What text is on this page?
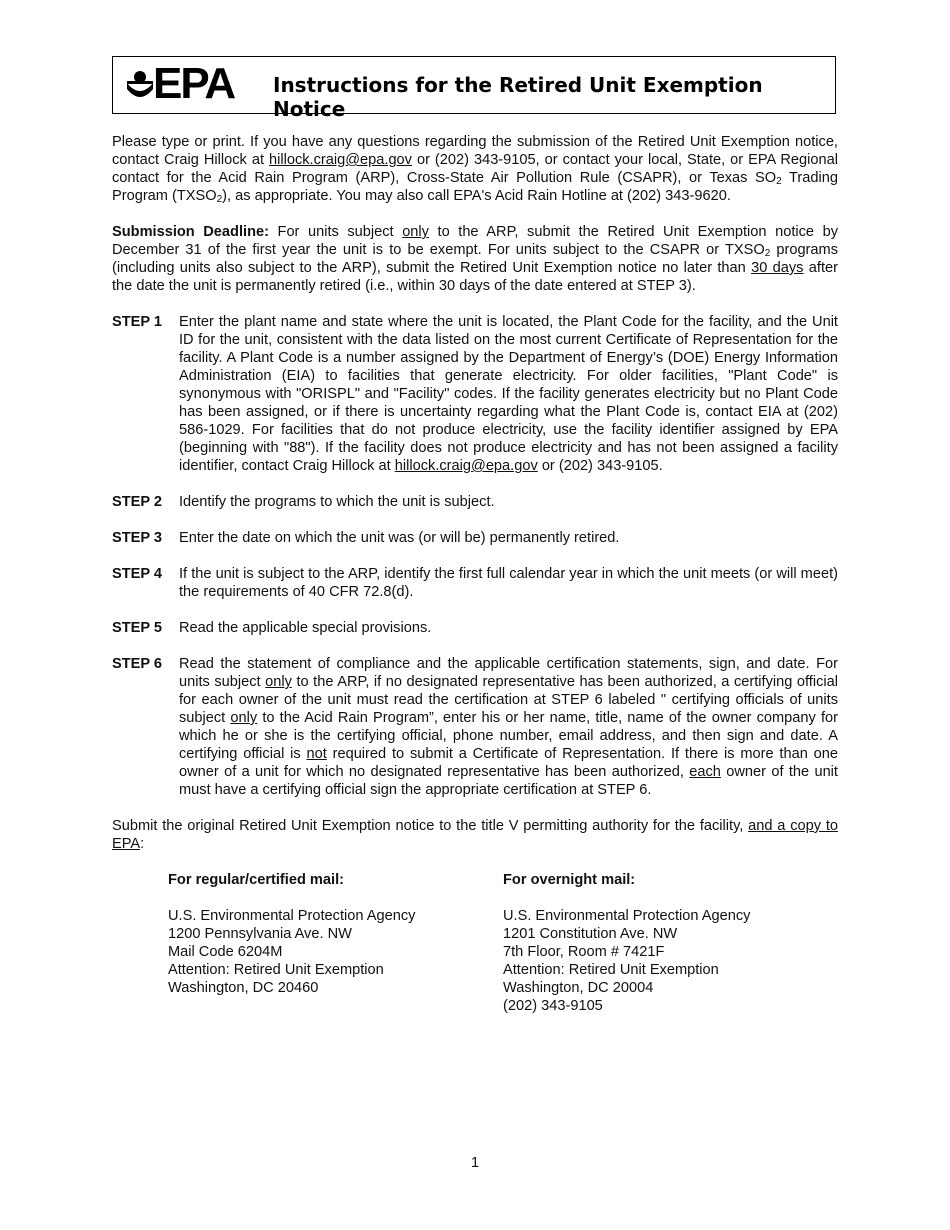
EPA Instructions for the Retired Unit Exemption Notice

Please type or print. If you have any questions regarding the submission of the Retired Unit Exemption notice, contact Craig Hillock at hillock.craig@epa.gov or (202) 343-9105, or contact your local, State, or EPA Regional contact for the Acid Rain Program (ARP), Cross-State Air Pollution Rule (CSAPR), or Texas $SO_2$ Trading Program $(TXSO_2)$, as appropriate. You may also call EPA's Acid Rain Hotline at (202) 343-9620.

Submission Deadline: For units subject only to the ARP, submit the Retired Unit Exemption notice by December 31 of the first year the unit is to be exempt. For units subject to the CSAPR or $TXSO_2$ programs (including units also subject to the ARP), submit the Retired Unit Exemption notice no later than 30 days after the date the unit is permanently retired (i.e., within 30 days of the date entered at STEP 3).

STEP 1	Enter the plant name and state where the unit is located, the Plant Code for the facility, and the Unit ID for the unit, consistent with the data listed on the most current Certificate of Representation for the facility. A Plant Code is a number assigned by the Department of Energy’s (DOE) Energy Information Administration (EIA) to facilities that generate electricity. For older facilities, "Plant Code" is synonymous with "ORISPL" and "Facility" codes. If the facility generates electricity but no Plant Code has been assigned, or if there is uncertainty regarding what the Plant Code is, contact EIA at (202) 586-1029. For facilities that do not produce electricity, use the facility identifier assigned by EPA (beginning with "88"). If the facility does not produce electricity and has not been assigned a facility identifier, contact Craig Hillock at hillock.craig@epa.gov or (202) 343-9105.
STEP 2	Identify the programs to which the unit is subject.
STEP 3	Enter the date on which the unit was (or will be) permanently retired.
STEP 4	If the unit is subject to the ARP, identify the first full calendar year in which the unit meets (or will meet) the requirements of 40 CFR 72.8(d).
STEP 5	Read the applicable special provisions.
STEP 6	Read the statement of compliance and the applicable certification statements, sign, and date. For units subject only to the ARP, if no designated representative has been authorized, a certifying official for each owner of the unit must read the certification at STEP 6 labeled " certifying officials of units subject only to the Acid Rain Program”, enter his or her name, title, name of the owner company for which he or she is the certifying official, phone number, email address, and then sign and date. A certifying official is not required to submit a Certificate of Representation. If there is more than one owner of a unit for which no designated representative has been authorized, each owner of the unit must have a certifying official sign the appropriate certification at STEP 6.

Submit the original Retired Unit Exemption notice to the title V permitting authority for the facility, and a copy to EPA:

For regular/certified mail:
U.S. Environmental Protection Agency
1200 Pennsylvania Ave. NW
Mail Code 6204M
Attention: Retired Unit Exemption
Washington, DC 20460
For overnight mail:
U.S. Environmental Protection Agency
1201 Constitution Ave. NW
7th Floor, Room # 7421F
Attention: Retired Unit Exemption
Washington, DC 20004
(202) 343-9105
1
